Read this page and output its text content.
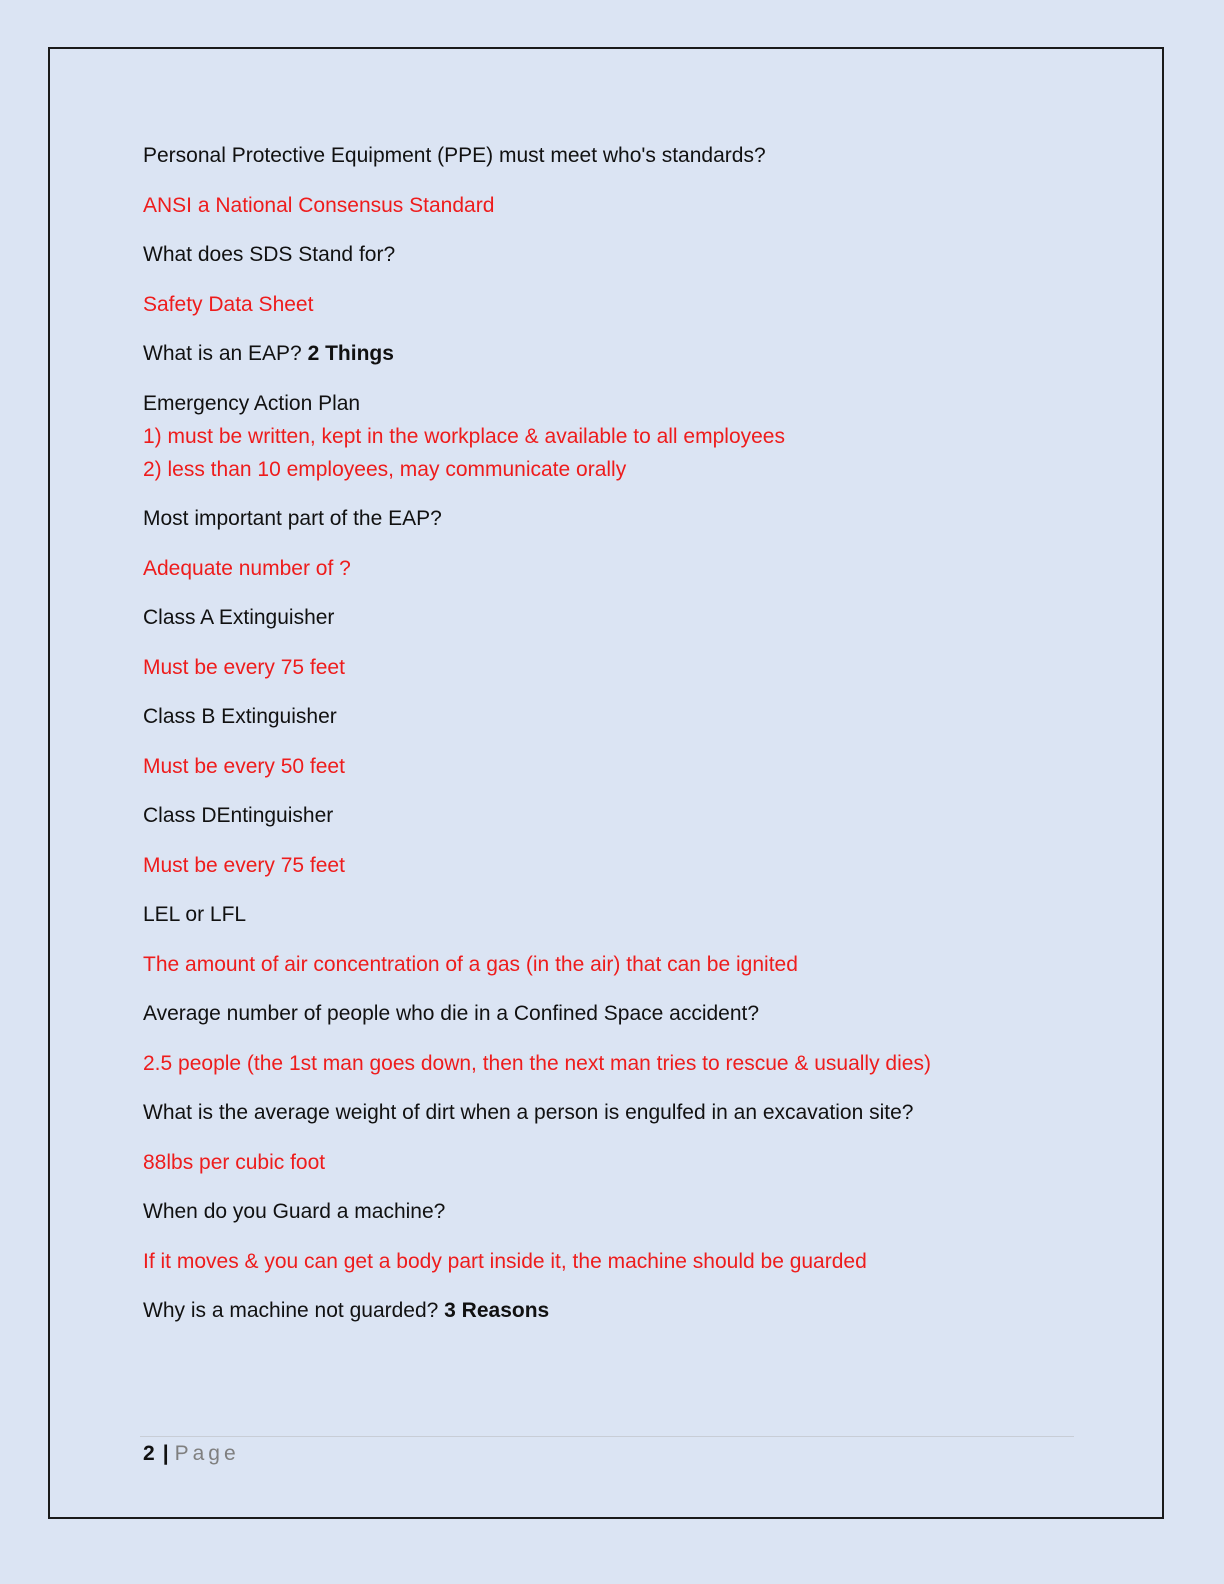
Personal Protective Equipment (PPE) must meet who's standards?
ANSI a National Consensus Standard
What does SDS Stand for?
Safety Data Sheet
What is an EAP? 2 Things
Emergency Action Plan
1) must be written, kept in the workplace & available to all employees
2) less than 10 employees, may communicate orally
Most important part of the EAP?
Adequate number of ?
Class A Extinguisher
Must be every 75 feet
Class B Extinguisher
Must be every 50 feet
Class DEntinguisher
Must be every 75 feet
LEL or LFL
The amount of air concentration of a gas (in the air) that can be ignited
Average number of people who die in a Confined Space accident?
2.5 people (the 1st man goes down, then the next man tries to rescue & usually dies)
What is the average weight of dirt when a person is engulfed in an excavation site?
88lbs per cubic foot
When do you Guard a machine?
If it moves & you can get a body part inside it, the machine should be guarded
Why is a machine not guarded? 3 Reasons
2 | Page
